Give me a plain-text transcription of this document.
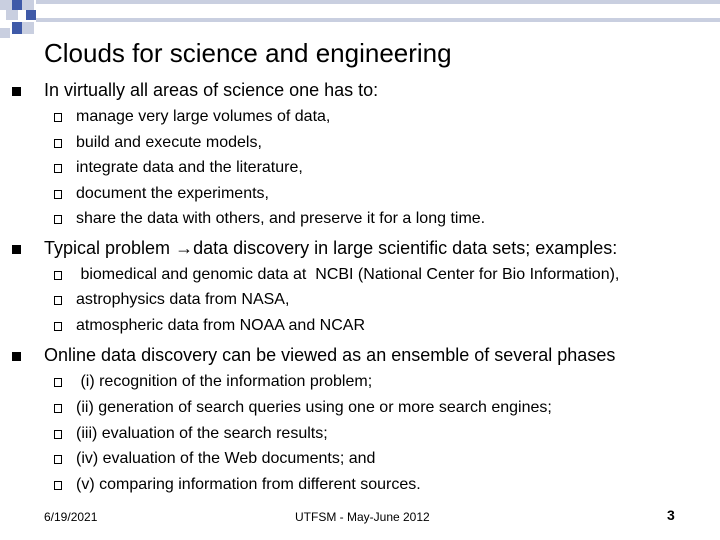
Clouds for science and engineering
In virtually all areas of science one has to:
manage very large volumes of data,
build and execute models,
integrate data and the literature,
document the experiments,
share the data with others, and preserve it for a long time.
Typical problem →data discovery in large scientific data sets; examples:
biomedical and genomic data at  NCBI (National Center for Bio Information),
astrophysics data from NASA,
atmospheric data from NOAA and NCAR
Online data discovery can be viewed as an ensemble of several phases
(i) recognition of the information problem;
(ii) generation of search queries using one or more search engines;
(iii) evaluation of the search results;
(iv) evaluation of the Web documents; and
(v) comparing information from different sources.
6/19/2021	UTFSM - May-June 2012	3
